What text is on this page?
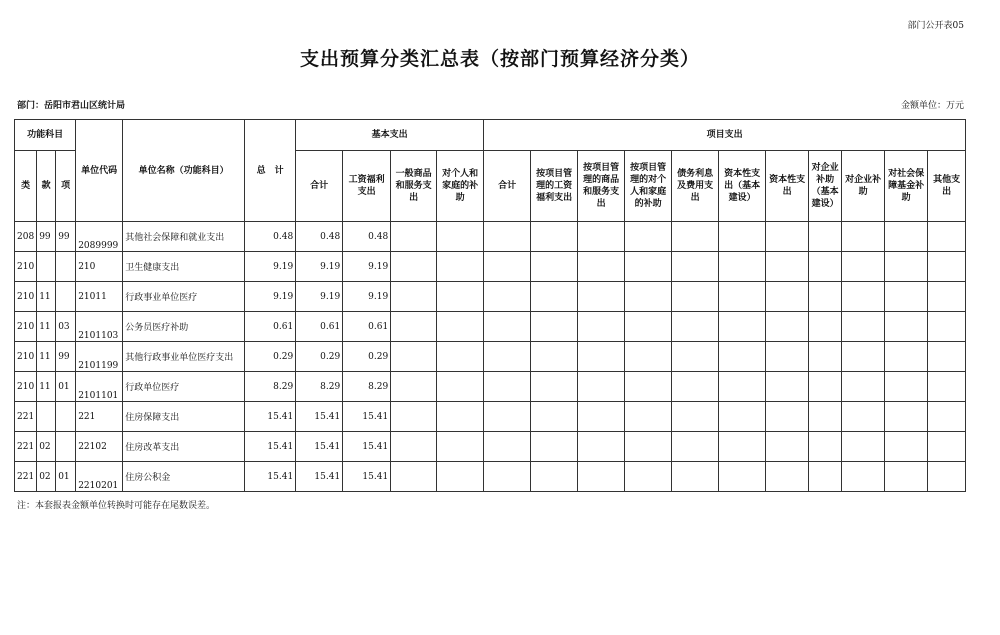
部门公开表05
支出预算分类汇总表（按部门预算经济分类）
部门：岳阳市君山区统计局	金额单位：万元
功能科目			单位代码	单位名称（功能科目）	总　计	基本支出				项目支出										
类	款	项				合计	工资福利支出	一般商品和服务支出	对个人和家庭的补助	合计	按项目管理的工资福利支出	按项目管理的商品和服务支出	按项目管理的对个人和家庭的补助	债务利息及费用支出	资本性支出（基本建设）	资本性支出	对企业补助（基本建设）	对企业补助	对社会保障基金补助	其他支出
208	99	99	2089999	其他社会保障和就业支出	0.48	0.48	0.48													
210			210	卫生健康支出	9.19	9.19	9.19													
210	11		21011	行政事业单位医疗	9.19	9.19	9.19													
210	11	03	2101103	公务员医疗补助	0.61	0.61	0.61													
210	11	99	2101199	其他行政事业单位医疗支出	0.29	0.29	0.29													
210	11	01	2101101	行政单位医疗	8.29	8.29	8.29													
221			221	住房保障支出	15.41	15.41	15.41													
221	02		22102	住房改革支出	15.41	15.41	15.41													
221	02	01	2210201	住房公积金	15.41	15.41	15.41													
注：本套报表金额单位转换时可能存在尾数误差。
